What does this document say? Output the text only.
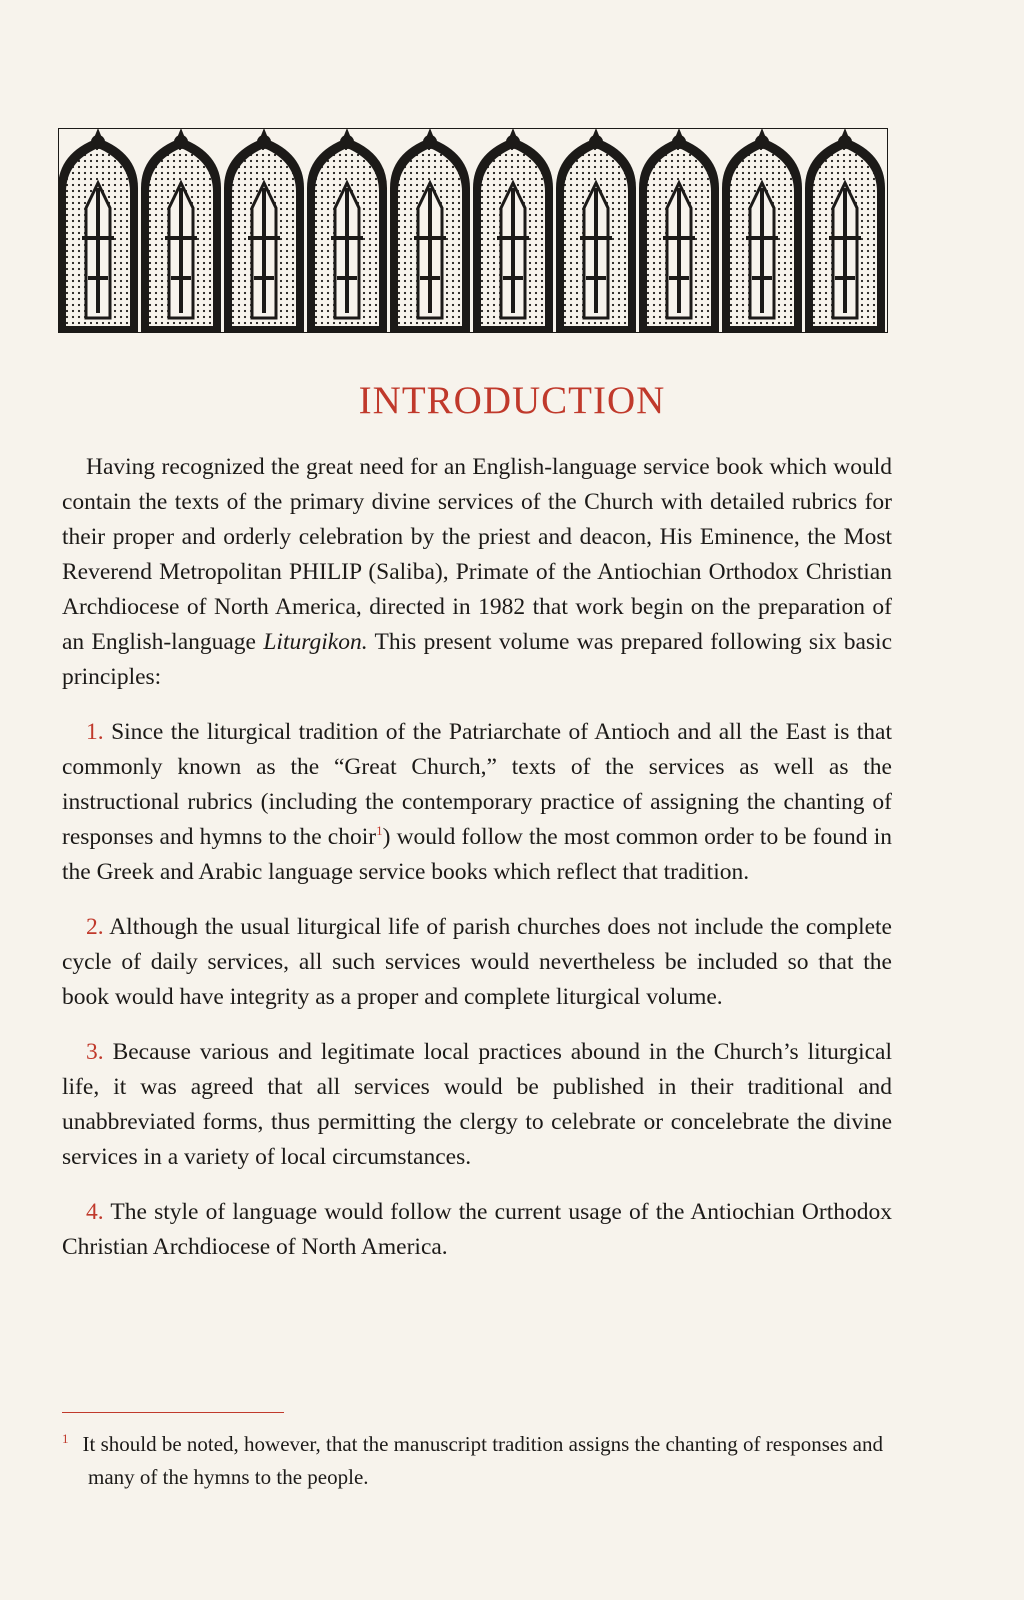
INTRODUCTION

Having recognized the great need for an English-language service book which would contain the texts of the primary divine services of the Church with detailed rubrics for their proper and orderly celebration by the priest and deacon, His Eminence, the Most Reverend Metropolitan PHILIP (Saliba), Primate of the Antiochian Orthodox Christian Archdiocese of North America, directed in 1982 that work begin on the preparation of an English-language Liturgikon. This present volume was prepared following six basic principles:

1. Since the liturgical tradition of the Patriarchate of Antioch and all the East is that commonly known as the “Great Church,” texts of the services as well as the instructional rubrics (including the contemporary practice of assigning the chanting of responses and hymns to the choir$^1$) would follow the most common order to be found in the Greek and Arabic language service books which reflect that tradition.

2. Although the usual liturgical life of parish churches does not include the complete cycle of daily services, all such services would nevertheless be included so that the book would have integrity as a proper and complete liturgical volume.

3. Because various and legitimate local practices abound in the Church’s liturgical life, it was agreed that all services would be published in their traditional and unabbreviated forms, thus permitting the clergy to celebrate or concelebrate the divine services in a variety of local circumstances.

4. The style of language would follow the current usage of the Antiochian Orthodox Christian Archdiocese of North America.

$^1$ It should be noted, however, that the manuscript tradition assigns the chanting of responses and many of the hymns to the people.
